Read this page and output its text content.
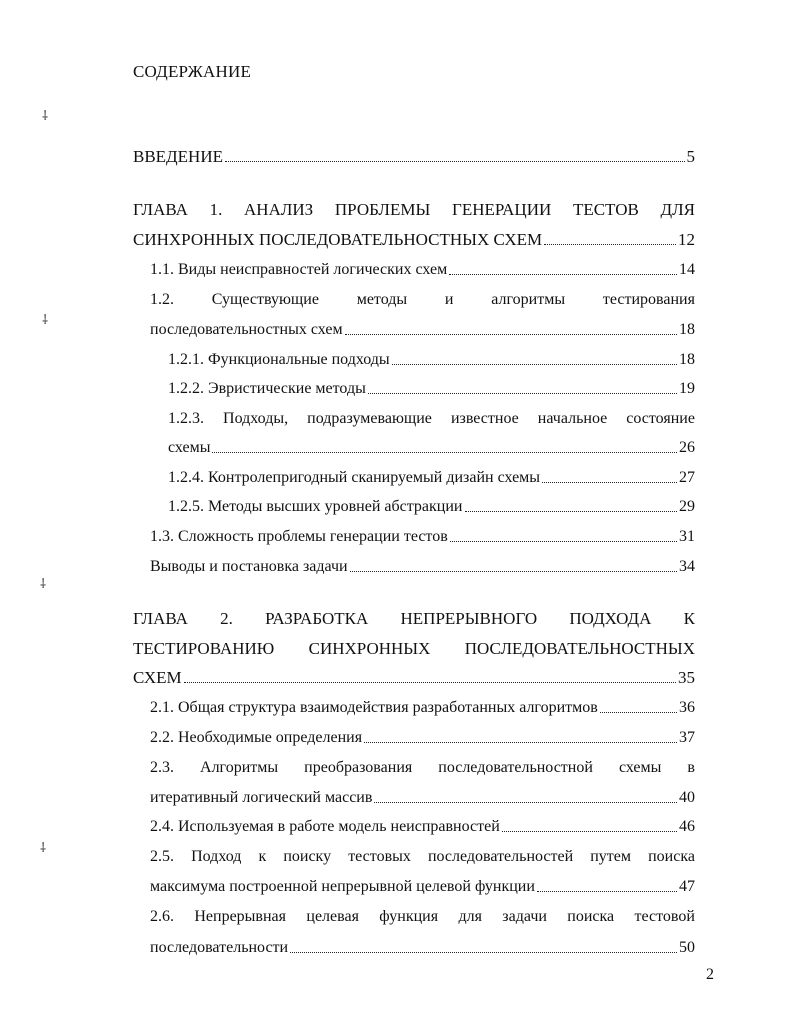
СОДЕРЖАНИЕ
ВВЕДЕНИЕ	5
ГЛАВА 1. АНАЛИЗ ПРОБЛЕМЫ ГЕНЕРАЦИИ ТЕСТОВ ДЛЯ
СИНХРОННЫХ ПОСЛЕДОВАТЕЛЬНОСТНЫХ СХЕМ	12
1.1. Виды неисправностей логических схем	14
1.2. Существующие методы и алгоритмы тестирования
последовательностных схем	18
1.2.1. Функциональные подходы	18
1.2.2. Эвристические методы	19
1.2.3. Подходы, подразумевающие известное начальное состояние
схемы	26
1.2.4. Контролепригодный сканируемый дизайн схемы	27
1.2.5. Методы высших уровней абстракции	29
1.3. Сложность проблемы генерации тестов	31
Выводы и постановка задачи	34
ГЛАВА 2. РАЗРАБОТКА НЕПРЕРЫВНОГО ПОДХОДА К
ТЕСТИРОВАНИЮ СИНХРОННЫХ ПОСЛЕДОВАТЕЛЬНОСТНЫХ
СХЕМ	35
2.1. Общая структура взаимодействия разработанных алгоритмов	36
2.2. Необходимые определения	37
2.3. Алгоритмы преобразования последовательностной схемы в
итеративный логический массив	40
2.4. Используемая в работе модель неисправностей	46
2.5. Подход к поиску тестовых последовательностей путем поиска
максимума построенной непрерывной целевой функции	47
2.6. Непрерывная целевая функция для задачи поиска тестовой
последовательности	50
2
⸸
⸸
⸸
⸸
